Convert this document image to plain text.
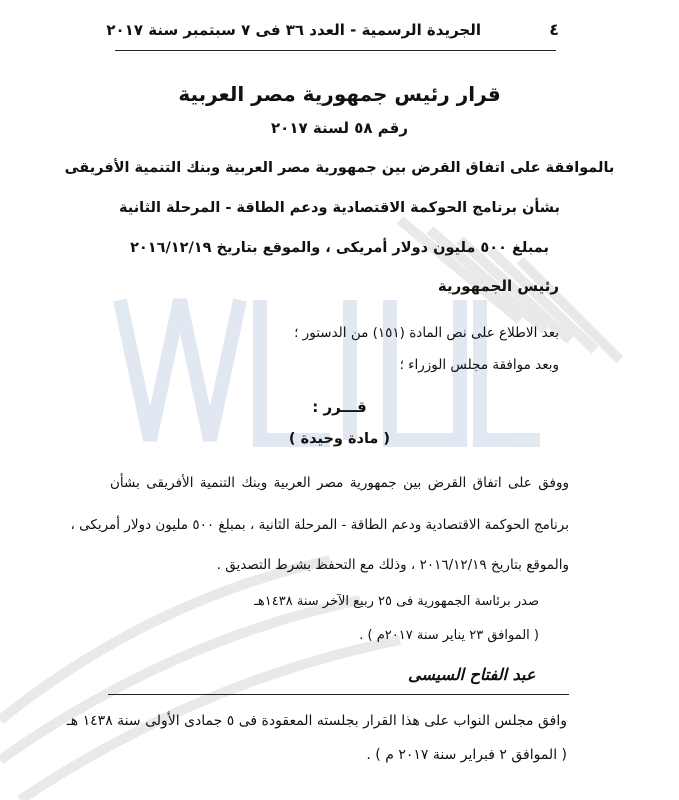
٤
الجريدة الرسمية - العدد ٣٦ فى ٧ سبتمبر سنة ٢٠١٧
قرار رئيس جمهورية مصر العربية
رقم ٥٨ لسنة ٢٠١٧
بالموافقة على اتفاق القرض بين جمهورية مصر العربية وبنك التنمية الأفريقى
بشأن برنامج الحوكمة الاقتصادية ودعم الطاقة - المرحلة الثانية
بمبلغ ٥٠٠ مليون دولار أمريكى ، والموقع بتاريخ ٢٠١٦/١٢/١٩
رئيس الجمهورية
بعد الاطلاع على نص المادة (١٥١) من الدستور ؛
وبعد موافقة مجلس الوزراء ؛
قـــرر :
( مادة وحيدة )
ووفق على اتفاق القرض بين جمهورية مصر العربية وبنك التنمية الأفريقى بشأن
برنامج الحوكمة الاقتصادية ودعم الطاقة - المرحلة الثانية ، بمبلغ ٥٠٠ مليون دولار أمريكى ،
والموقع بتاريخ ٢٠١٦/١٢/١٩ ، وذلك مع التحفظ بشرط التصديق .
صدر برئاسة الجمهورية فى ٢٥ ربيع الآخر سنة ١٤٣٨هـ
( الموافق ٢٣ يناير سنة ٢٠١٧م ) .
عبد الفتاح السيسى
وافق مجلس النواب على هذا القرار بجلسته المعقودة فى ٥ جمادى الأولى سنة ١٤٣٨ هـ
( الموافق ٢ فبراير سنة ٢٠١٧ م ) .
